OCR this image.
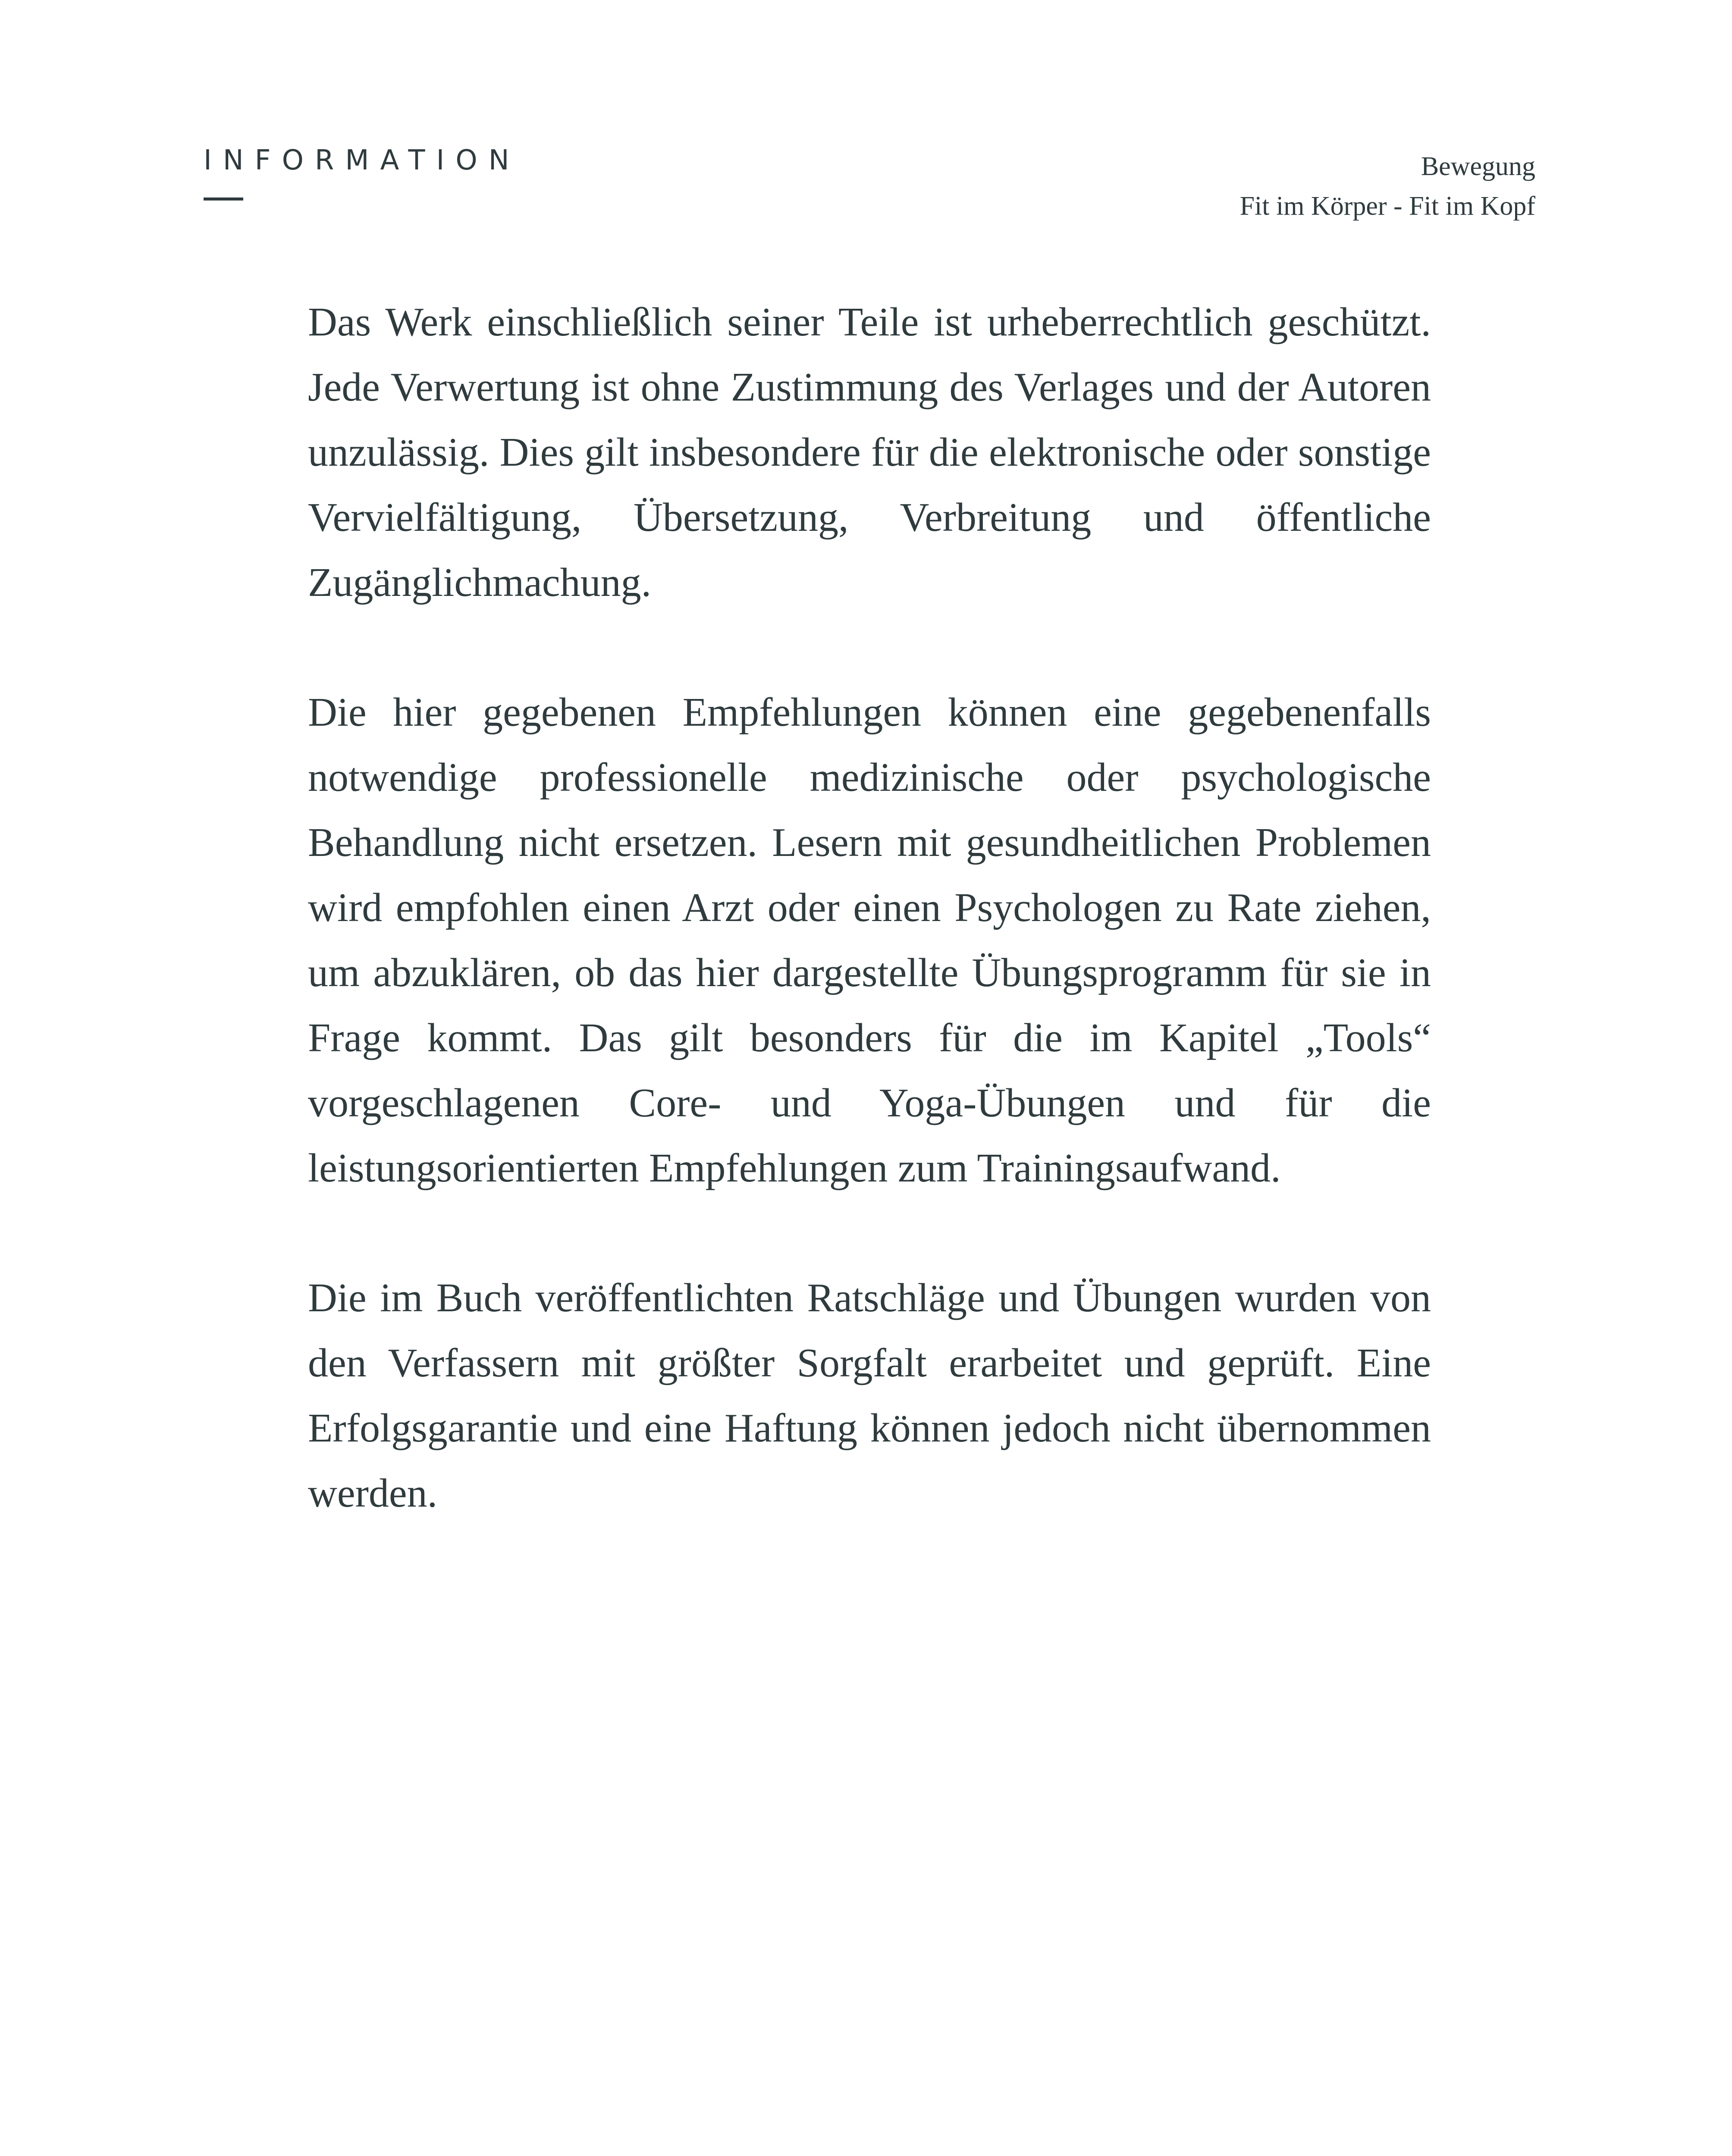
INFORMATION	Bewegung
Fit im Körper - Fit im Kopf

Das Werk einschließlich seiner Teile ist urheberrechtlich geschützt. Jede Verwertung ist ohne Zustimmung des Verlages und der Autoren unzulässig. Dies gilt insbesondere für die elektronische oder sonstige Vervielfältigung, Übersetzung, Verbreitung und öffentliche Zugänglichmachung.

Die hier gegebenen Empfehlungen können eine gegebenenfalls notwendige professionelle medizinische oder psychologische Behandlung nicht ersetzen. Lesern mit gesundheitlichen Problemen wird empfohlen einen Arzt oder einen Psychologen zu Rate ziehen, um abzuklären, ob das hier dargestellte Übungsprogramm für sie in Frage kommt. Das gilt besonders für die im Kapitel „Tools“ vorgeschlagenen Core- und Yoga-Übungen und für die leistungsorientierten Empfehlungen zum Trainingsaufwand.

Die im Buch veröffentlichten Ratschläge und Übungen wurden von den Verfassern mit größter Sorgfalt erarbeitet und geprüft. Eine Erfolgsgarantie und eine Haftung können jedoch nicht übernommen werden.
